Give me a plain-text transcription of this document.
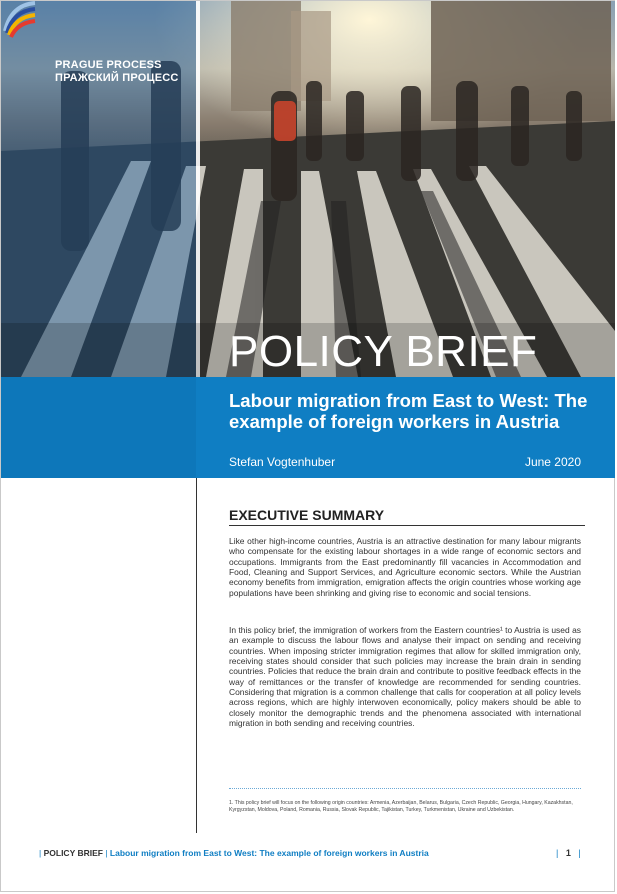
PRAGUE PROCESS
ПРАЖСКИЙ ПРОЦЕСС
POLICY BRIEF
Labour migration from East to West: The example of foreign workers in Austria
Stefan Vogtenhuber	June 2020
EXECUTIVE SUMMARY

Like other high-income countries, Austria is an attractive destination for many labour migrants who compensate for the existing labour shortages in a wide range of economic sectors and occupations. Immigrants from the East predominantly fill vacancies in Accommodation and Food, Cleaning and Support Services, and Agriculture economic sectors. While the Austrian economy benefits from immigration, emigration affects the origin countries whose working age populations have been shrinking and giving rise to economic and social tensions.

In this policy brief, the immigration of workers from the Eastern countries¹ to Austria is used as an example to discuss the labour flows and analyse their impact on sending and receiving countries. When imposing stricter immigration regimes that allow for skilled immigration only, receiving states should consider that such policies may increase the brain drain in sending countries. Policies that reduce the brain drain and contribute to positive feedback effects in the way of remittances or the transfer of knowledge are recommended for sending countries. Considering that migration is a common challenge that calls for cooperation at all policy levels across regions, which are highly interwoven economically, policy makers should be able to closely monitor the demographic trends and the phenomena associated with international migration in both sending and receiving countries.

1. This policy brief will focus on the following origin countries: Armenia, Azerbaijan, Belarus, Bulgaria, Czech Republic, Georgia, Hungary, Kazakhstan, Kyrgyzstan, Moldova, Poland, Romania, Russia, Slovak Republic, Tajikistan, Turkey, Turkmenistan, Ukraine and Uzbekistan.
| POLICY BRIEF | Labour migration from East to West: The example of foreign workers in Austria	| 1 |
